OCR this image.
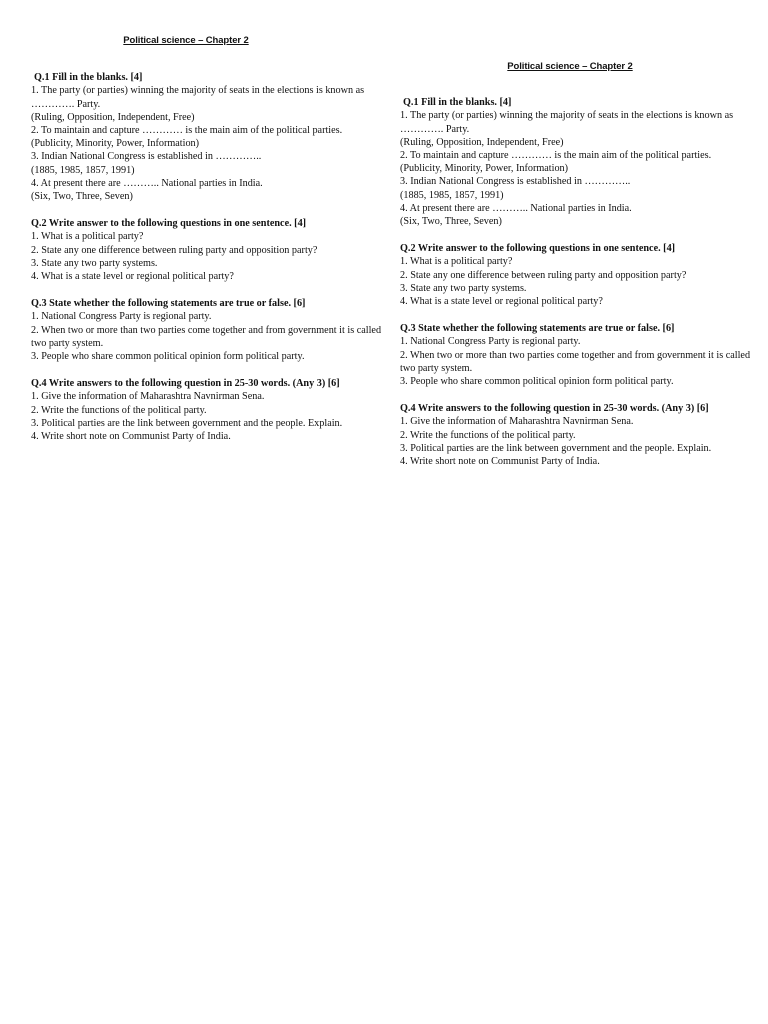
Political science – Chapter 2
Q.1 Fill in the blanks. [4]
1. The party (or parties) winning the majority of seats in the elections is known as …………. Party.
(Ruling, Opposition, Independent, Free)
2. To maintain and capture ………… is the main aim of the political parties.
(Publicity, Minority, Power, Information)
3. Indian National Congress is established in …………..
(1885, 1985, 1857, 1991)
4. At present there are ……….. National parties in India.
(Six, Two, Three, Seven)
Q.2 Write answer to the following questions in one sentence. [4]
1. What is a political party?
2. State any one difference between ruling party and opposition party?
3. State any two party systems.
4. What is a state level or regional political party?
Q.3 State whether the following statements are true or false. [6]
1. National Congress Party is regional party.
2. When two or more than two parties come together and from government it is called two party system.
3. People who share common political opinion form political party.
Q.4 Write answers to the following question in 25-30 words. (Any 3) [6]
1. Give the information of Maharashtra Navnirman Sena.
2. Write the functions of the political party.
3. Political parties are the link between government and the people. Explain.
4. Write short note on Communist Party of India.
Political science – Chapter 2
Q.1 Fill in the blanks. [4]
1. The party (or parties) winning the majority of seats in the elections is known as …………. Party.
(Ruling, Opposition, Independent, Free)
2. To maintain and capture ………… is the main aim of the political parties.
(Publicity, Minority, Power, Information)
3. Indian National Congress is established in …………..
(1885, 1985, 1857, 1991)
4. At present there are ……….. National parties in India.
(Six, Two, Three, Seven)
Q.2 Write answer to the following questions in one sentence. [4]
1. What is a political party?
2. State any one difference between ruling party and opposition party?
3. State any two party systems.
4. What is a state level or regional political party?
Q.3 State whether the following statements are true or false. [6]
1. National Congress Party is regional party.
2. When two or more than two parties come together and from government it is called two party system.
3. People who share common political opinion form political party.
Q.4 Write answers to the following question in 25-30 words. (Any 3) [6]
1. Give the information of Maharashtra Navnirman Sena.
2. Write the functions of the political party.
3. Political parties are the link between government and the people. Explain.
4. Write short note on Communist Party of India.
